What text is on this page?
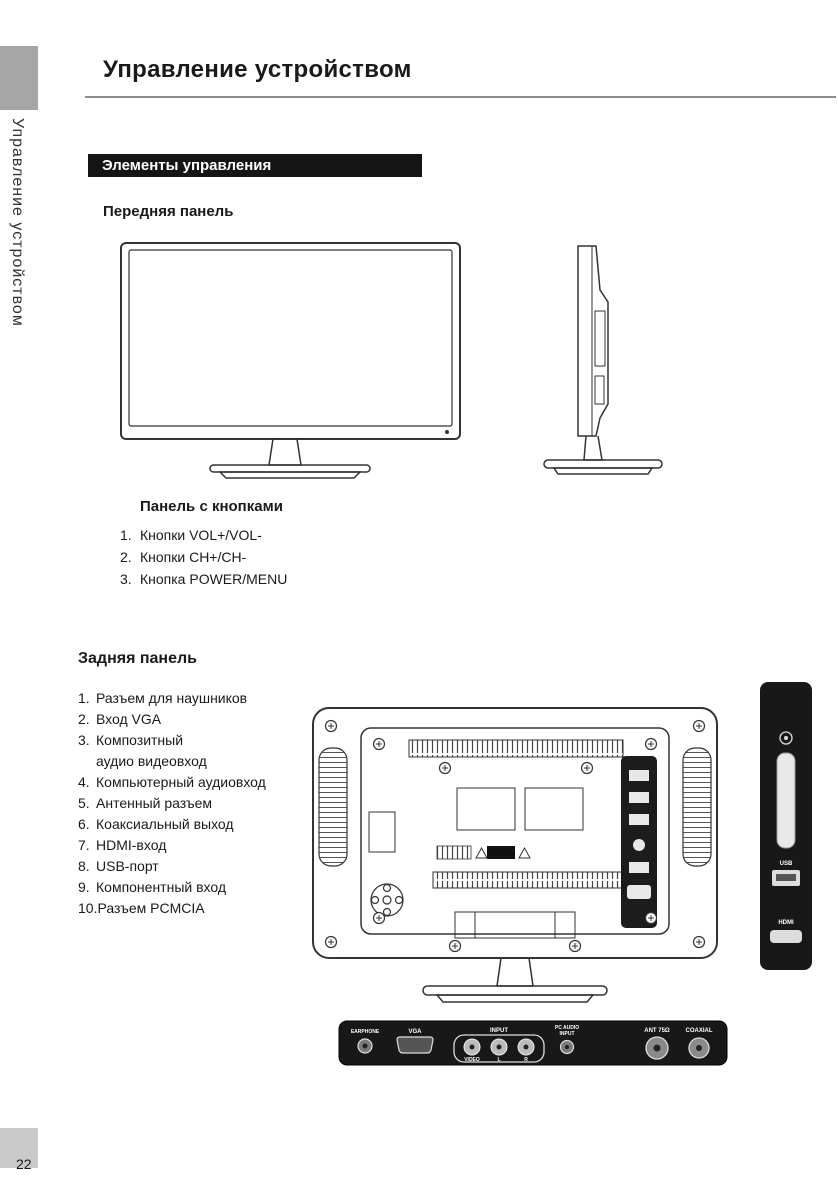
Управление устройством
22
Управление устройством
Элементы управления
Передняя панель
Панель с кнопками
1. Кнопки VOL+/VOL-
2. Кнопки CH+/CH-
3. Кнопка POWER/MENU
Задняя панель
1. Разъем для наушников
2. Вход VGA
3. Композитный
аудио видеовход
4. Компьютерный аудиовход
5. Антенный разъем
6. Коаксиальный выход
7. HDMI-вход
8. USB-порт
9. Компонентный вход
10. Разъем PCMCIA
USB
HDMI
EARPHONE	VGA	INPUT
VIDEO	L	R
PC AUDIO
INPUT	ANT 75Ω	COAXIAL
